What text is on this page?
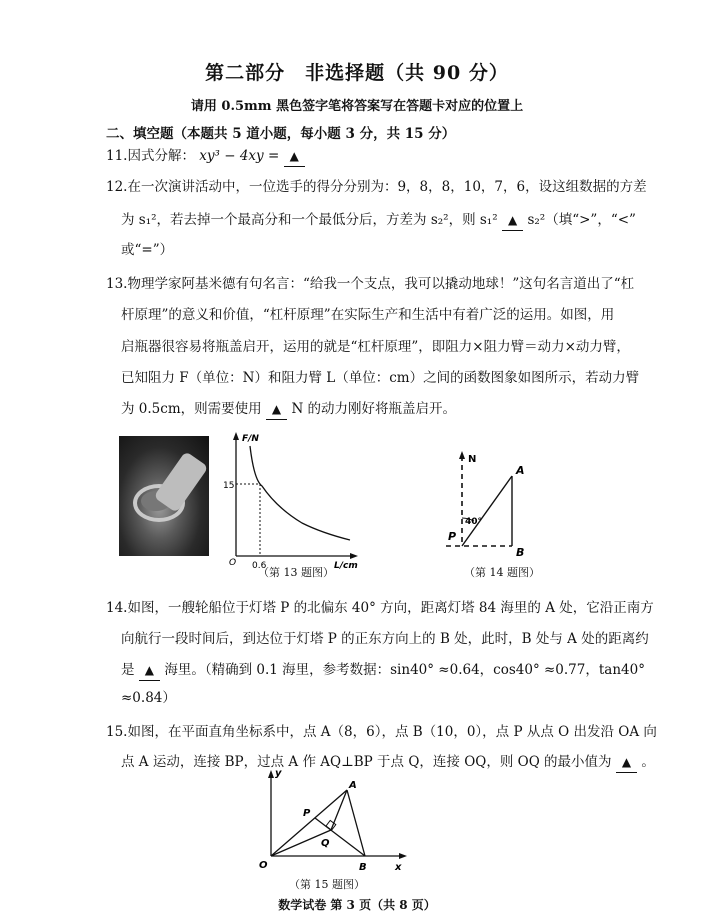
第二部分　非选择题（共 90 分）
请用 0.5mm 黑色签字笔将答案写在答题卡对应的位置上
二、填空题（本题共 5 道小题，每小题 3 分，共 15 分）
11.因式分解： xy³ − 4xy = ▲
12.在一次演讲活动中，一位选手的得分分别为：9，8，8，10，7，6，设这组数据的方差
为 s₁²，若去掉一个最高分和一个最低分后，方差为 s₂²，则 s₁² ▲ s₂²（填“>”，“<”
或“=”）
13.物理学家阿基米德有句名言：“给我一个支点，我可以撬动地球！”这句名言道出了“杠
杆原理”的意义和价值，“杠杆原理”在实际生产和生活中有着广泛的运用。如图，用
启瓶器很容易将瓶盖启开，运用的就是“杠杆原理”，即阻力×阻力臂＝动力×动力臂，
已知阻力 F（单位：N）和阻力臂 L（单位：cm）之间的函数图象如图所示，若动力臂
为 0.5cm，则需要使用 ▲ N 的动力刚好将瓶盖启开。
F/N
L/cm
15
0.6
O
（第 13 题图）
N
A
P
B
40°
（第 14 题图）
14.如图，一艘轮船位于灯塔 P 的北偏东 40° 方向，距离灯塔 84 海里的 A 处，它沿正南方
向航行一段时间后，到达位于灯塔 P 的正东方向上的 B 处，此时，B 处与 A 处的距离约
是 ▲ 海里。（精确到 0.1 海里，参考数据：sin40° ≈0.64，cos40° ≈0.77，tan40°
≈0.84）
15.如图，在平面直角坐标系中，点 A（8，6），点 B（10，0），点 P 从点 O 出发沿 OA 向
点 A 运动，连接 BP，过点 A 作 AQ⊥BP 于点 Q，连接 OQ，则 OQ 的最小值为 ▲ 。
y
x
O
A
B
P
Q
（第 15 题图）
数学试卷 第 3 页（共 8 页）
